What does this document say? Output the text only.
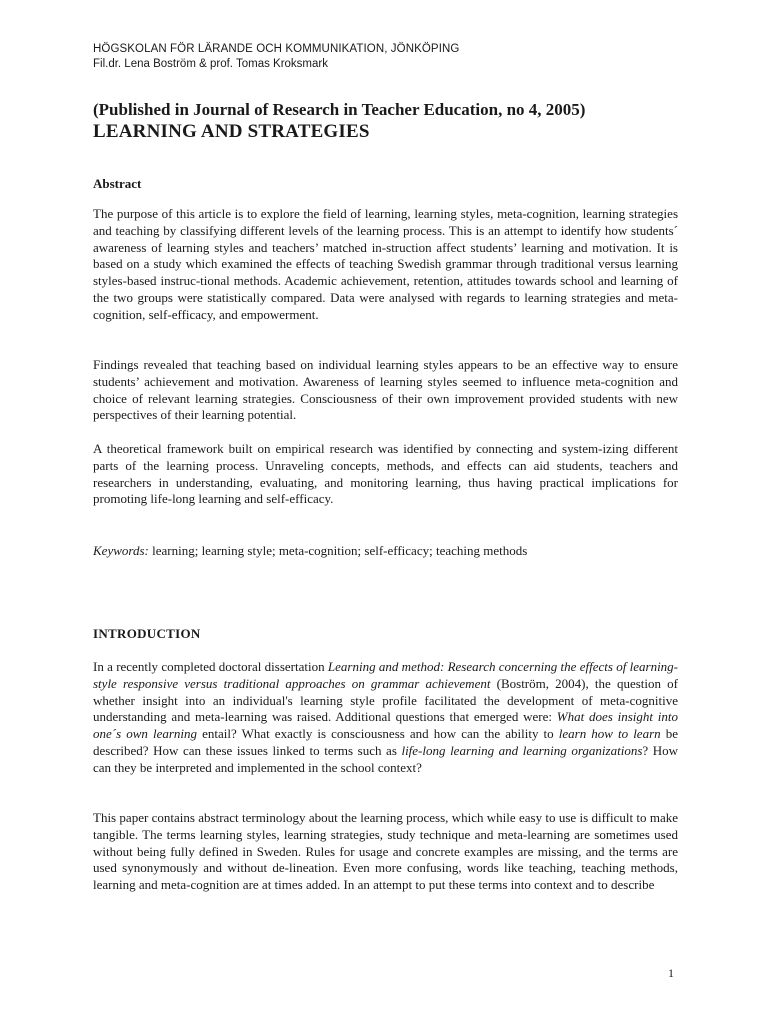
HÖGSKOLAN FÖR LÄRANDE OCH KOMMUNIKATION, JÖNKÖPING
Fil.dr. Lena Boström & prof. Tomas Kroksmark
(Published in Journal of Research in Teacher Education, no 4, 2005)
LEARNING AND STRATEGIES
Abstract
The purpose of this article is to explore the field of learning, learning styles, meta-cognition, learning strategies and teaching by classifying different levels of the learning process. This is an attempt to identify how students´ awareness of learning styles and teachers’ matched in-struction affect students’ learning and motivation. It is based on a study which examined the effects of teaching Swedish grammar through traditional versus learning styles-based instruc-tional methods. Academic achievement, retention, attitudes towards school and learning of the two groups were statistically compared. Data were analysed with regards to learning strategies and meta-cognition, self-efficacy, and empowerment.
Findings revealed that teaching based on individual learning styles appears to be an effective way to ensure students’ achievement and motivation. Awareness of learning styles seemed to influence meta-cognition and choice of relevant learning strategies. Consciousness of their own improvement provided students with new perspectives of their learning potential.
A theoretical framework built on empirical research was identified by connecting and system-izing different parts of the learning process. Unraveling concepts, methods, and effects can aid students, teachers and researchers in understanding, evaluating, and monitoring learning, thus having practical implications for promoting life-long learning and self-efficacy.
Keywords: learning; learning style; meta-cognition; self-efficacy; teaching methods
INTRODUCTION
In a recently completed doctoral dissertation Learning and method: Research concerning the effects of learning-style responsive versus traditional approaches on grammar achievement (Boström, 2004), the question of whether insight into an individual's learning style profile facilitated the development of meta-cognitive understanding and meta-learning was raised. Additional questions that emerged were: What does insight into one´s own learning entail? What exactly is consciousness and how can the ability to learn how to learn be described? How can these issues linked to terms such as life-long learning and learning organizations? How can they be interpreted and implemented in the school context?
This paper contains abstract terminology about the learning process, which while easy to use is difficult to make tangible. The terms learning styles, learning strategies, study technique and meta-learning are sometimes used without being fully defined in Sweden. Rules for usage and concrete examples are missing, and the terms are used synonymously and without de-lineation. Even more confusing, words like teaching, teaching methods, learning and meta-cognition are at times added. In an attempt to put these terms into context and to describe
1
